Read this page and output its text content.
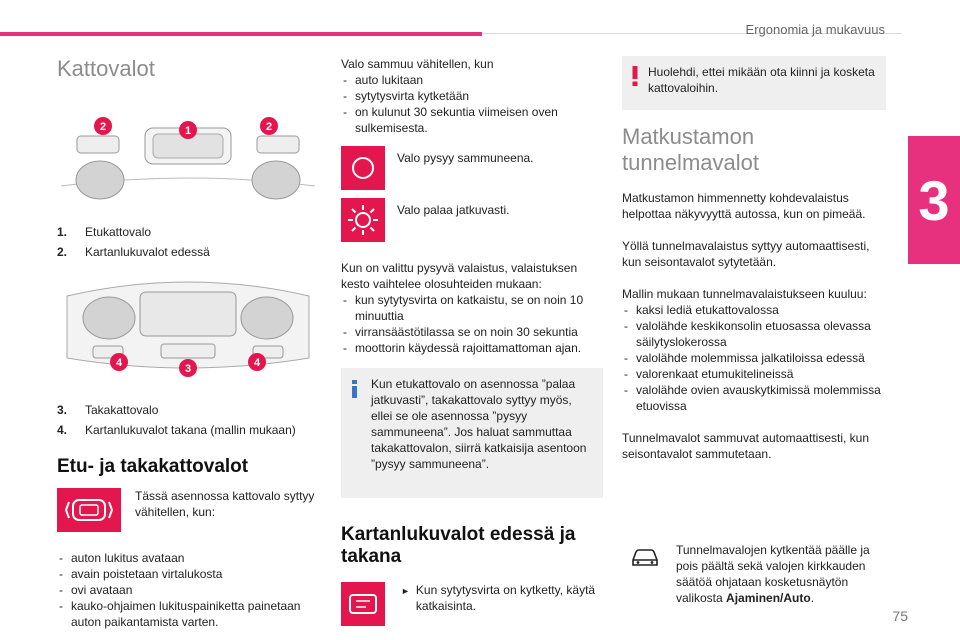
Ergonomia ja mukavuus
3
75
Kattovalot
2	1	2
1.	Etukattovalo
2.	Kartanlukuvalot edessä
4	3	4
3.	Takakattovalo
4.	Kartanlukuvalot takana (mallin mukaan)
Etu- ja takakattovalot
Tässä asennossa kattovalo syttyy vähitellen, kun:
- auton lukitus avataan
- avain poistetaan virtalukosta
- ovi avataan
- kauko-ohjaimen lukituspainiketta painetaan auton paikantamista varten.
Valo sammuu vähitellen, kun
- auto lukitaan
- sytytysvirta kytketään
- on kulunut 30 sekuntia viimeisen oven sulkemisesta.
Valo pysyy sammuneena.
Valo palaa jatkuvasti.
Kun on valittu pysyvä valaistus, valaistuksen kesto vaihtelee olosuhteiden mukaan:
- kun sytytysvirta on katkaistu, se on noin 10 minuuttia
- virransäästötilassa se on noin 30 sekuntia
- moottorin käydessä rajoittamattoman ajan.
Kun etukattovalo on asennossa ”palaa jatkuvasti”, takakattovalo syttyy myös, ellei se ole asennossa ”pysyy sammuneena”. Jos haluat sammuttaa takakattovalon, siirrä katkaisija asentoon ”pysyy sammuneena”.
Kartanlukuvalot edessä ja takana
► Kun sytytysvirta on kytketty, käytä katkaisinta.
Huolehdi, ettei mikään ota kiinni ja kosketa kattovaloihin.
Matkustamon tunnelmavalot
Matkustamon himmennetty kohdevalaistus helpottaa näkyvyyttä autossa, kun on pimeää.
Yöllä tunnelmavalaistus syttyy automaattisesti, kun seisontavalot sytytetään.
Mallin mukaan tunnelmavalaistukseen kuuluu:
- kaksi lediä etukattovalossa
- valolähde keskikonsolin etuosassa olevassa säilytyslokerossa
- valolähde molemmissa jalkatiloissa edessä
- valorenkaat etumukitelineissä
- valolähde ovien avauskytkimissä molemmissa etuovissa
Tunnelmavalot sammuvat automaattisesti, kun seisontavalot sammutetaan.
Tunnelmavalojen kytkentää päälle ja pois päältä sekä valojen kirkkauden säätöä ohjataan kosketusnäytön valikosta Ajaminen/Auto.
